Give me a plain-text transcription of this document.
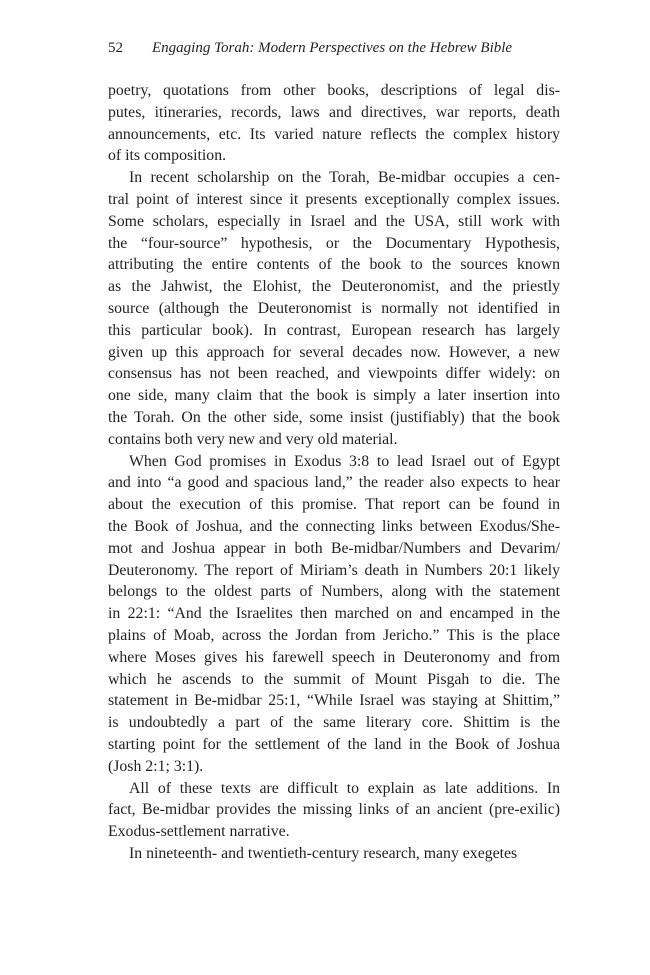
52 Engaging Torah: Modern Perspectives on the Hebrew Bible
poetry, quotations from other books, descriptions of legal dis-
putes, itineraries, records, laws and directives, war reports, death
announcements, etc. Its varied nature reflects the complex history
of its composition.
In recent scholarship on the Torah, Be-midbar occupies a cen-
tral point of interest since it presents exceptionally complex issues.
Some scholars, especially in Israel and the USA, still work with
the “four-source” hypothesis, or the Documentary Hypothesis,
attributing the entire contents of the book to the sources known
as the Jahwist, the Elohist, the Deuteronomist, and the priestly
source (although the Deuteronomist is normally not identified in
this particular book). In contrast, European research has largely
given up this approach for several decades now. However, a new
consensus has not been reached, and viewpoints differ widely: on
one side, many claim that the book is simply a later insertion into
the Torah. On the other side, some insist (justifiably) that the book
contains both very new and very old material.
When God promises in Exodus 3:8 to lead Israel out of Egypt
and into “a good and spacious land,” the reader also expects to hear
about the execution of this promise. That report can be found in
the Book of Joshua, and the connecting links between Exodus/She-
mot and Joshua appear in both Be-midbar/Numbers and Devarim/
Deuteronomy. The report of Miriam’s death in Numbers 20:1 likely
belongs to the oldest parts of Numbers, along with the statement
in 22:1: “And the Israelites then marched on and encamped in the
plains of Moab, across the Jordan from Jericho.” This is the place
where Moses gives his farewell speech in Deuteronomy and from
which he ascends to the summit of Mount Pisgah to die. The
statement in Be-midbar 25:1, “While Israel was staying at Shittim,”
is undoubtedly a part of the same literary core. Shittim is the
starting point for the settlement of the land in the Book of Joshua
(Josh 2:1; 3:1).
All of these texts are difficult to explain as late additions. In
fact, Be-midbar provides the missing links of an ancient (pre-exilic)
Exodus-settlement narrative.
In nineteenth- and twentieth-century research, many exegetes
